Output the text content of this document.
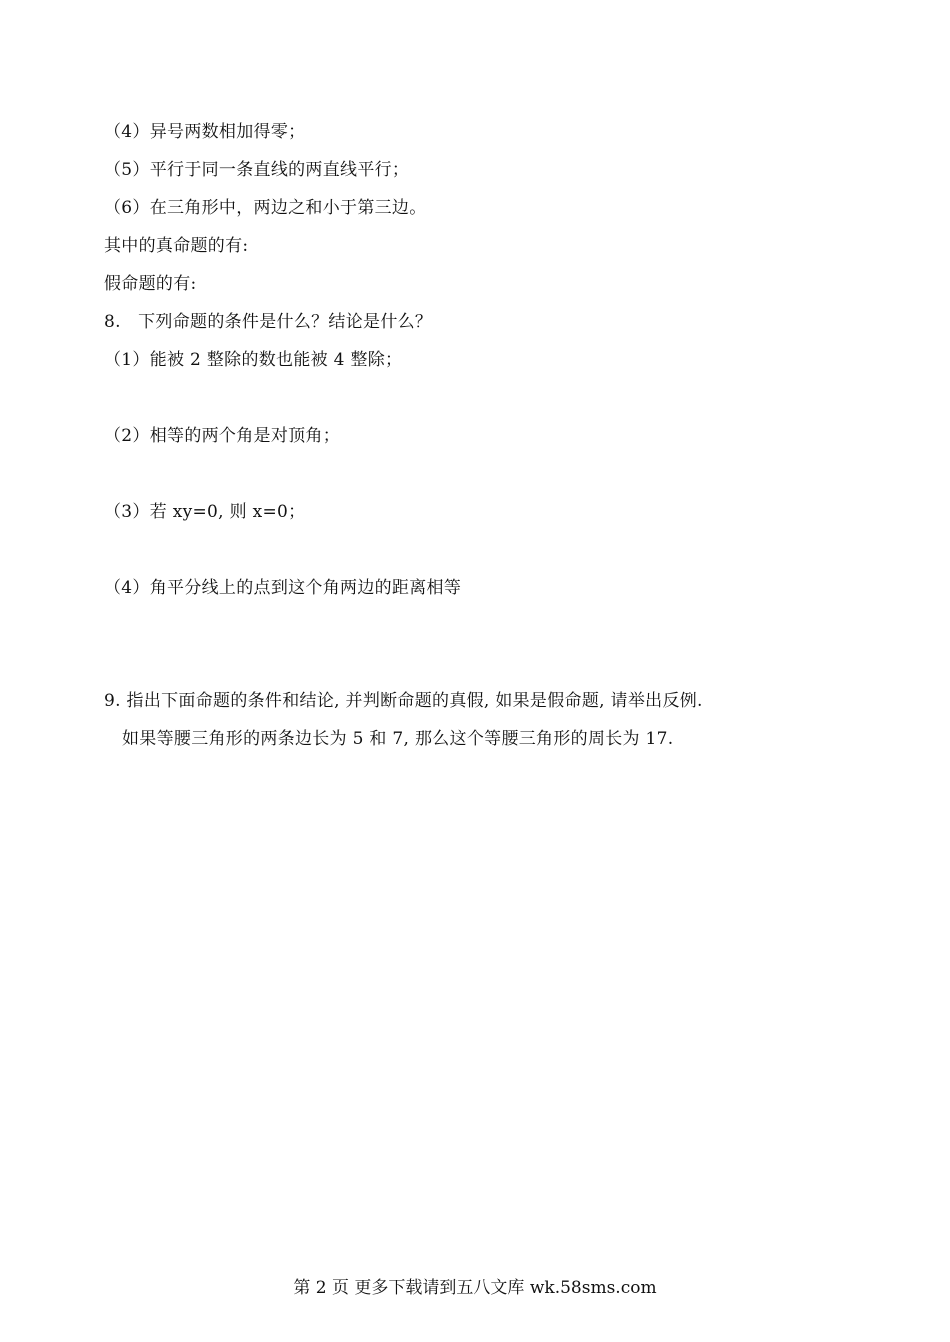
（4）异号两数相加得零；
（5）平行于同一条直线的两直线平行；
（6）在三角形中，两边之和小于第三边。
其中的真命题的有:
假命题的有:
8.　下列命题的条件是什么？结论是什么？
（1）能被 2 整除的数也能被 4 整除；
（2）相等的两个角是对顶角；
（3）若 xy=0, 则 x=0；
（4）角平分线上的点到这个角两边的距离相等
9. 指出下面命题的条件和结论, 并判断命题的真假, 如果是假命题, 请举出反例.
如果等腰三角形的两条边长为 5 和 7, 那么这个等腰三角形的周长为 17.
第 2 页 更多下载请到五八文库 wk.58sms.com
